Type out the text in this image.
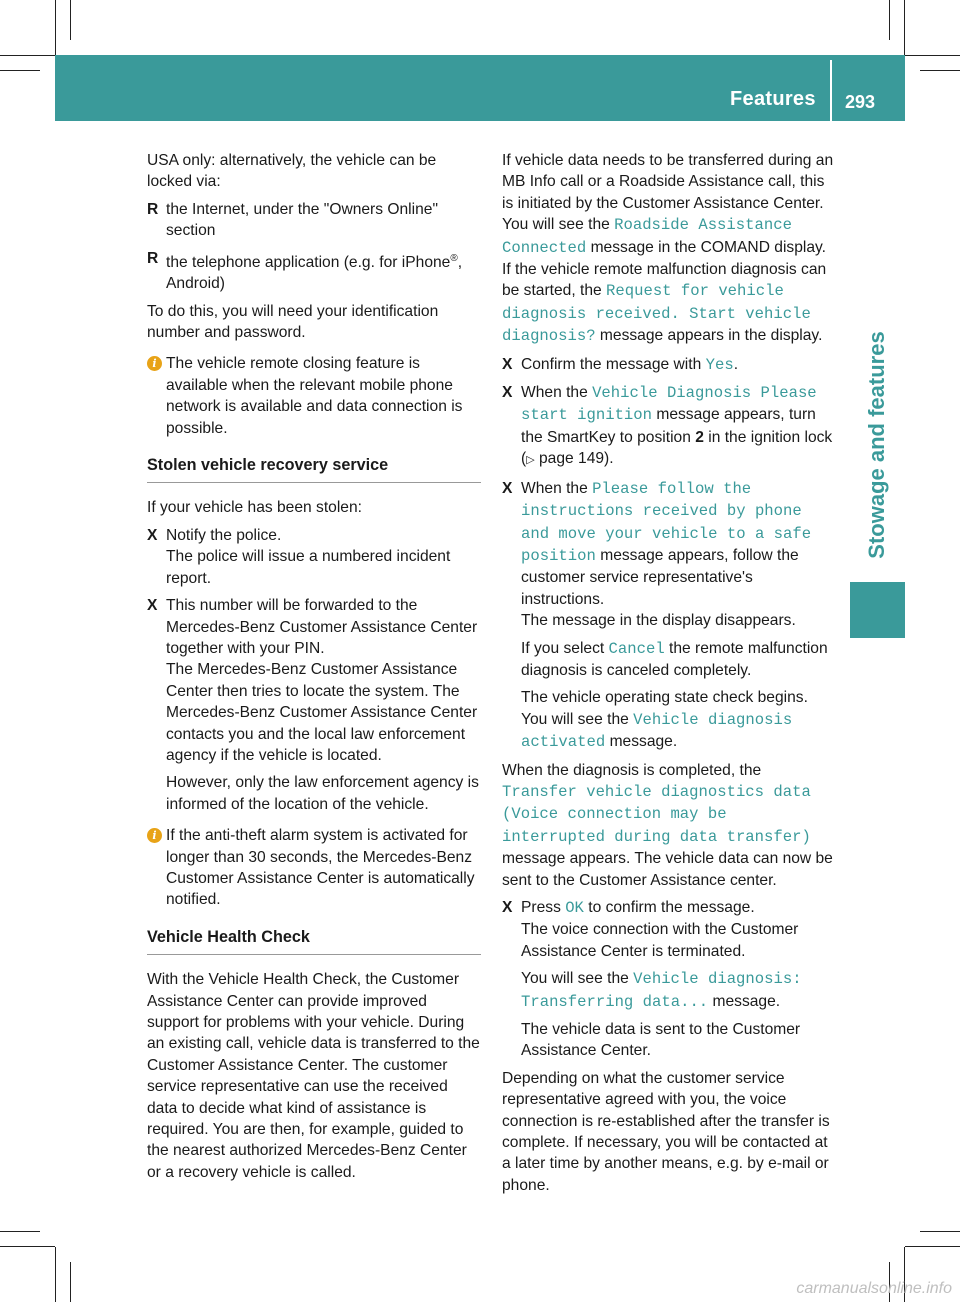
Features 293
Stowage and features

USA only: alternatively, the vehicle can be locked via:

R the Internet, under the "Owners Online" section
R the telephone application (e.g. for iPhone®, Android)

To do this, you will need your identification number and password.

i The vehicle remote closing feature is available when the relevant mobile phone network is available and data connection is possible.
Stolen vehicle recovery service

If your vehicle has been stolen:

X Notify the police.
The police will issue a numbered incident report.
X This number will be forwarded to the Mercedes-Benz Customer Assistance Center together with your PIN.
The Mercedes-Benz Customer Assistance Center then tries to locate the system. The Mercedes-Benz Customer Assistance Center contacts you and the local law enforcement agency if the vehicle is located.
However, only the law enforcement agency is informed of the location of the vehicle.
i If the anti-theft alarm system is activated for longer than 30 seconds, the Mercedes-Benz Customer Assistance Center is automatically notified.
Vehicle Health Check

With the Vehicle Health Check, the Customer Assistance Center can provide improved support for problems with your vehicle. During an existing call, vehicle data is transferred to the Customer Assistance Center. The customer service representative can use the received data to decide what kind of assistance is required. You are then, for example, guided to the nearest authorized Mercedes-Benz Center or a recovery vehicle is called.

If vehicle data needs to be transferred during an MB Info call or a Roadside Assistance call, this is initiated by the Customer Assistance Center. You will see the Roadside Assistance Connected message in the COMAND display. If the vehicle remote malfunction diagnosis can be started, the Request for vehicle diagnosis received. Start vehicle diagnosis? message appears in the display.

X Confirm the message with Yes.
X When the Vehicle Diagnosis Please start ignition message appears, turn the SmartKey to position 2 in the ignition lock (▷ page 149).
X When the Please follow the instructions received by phone and move your vehicle to a safe position message appears, follow the customer service representative's instructions.
The message in the display disappears.
If you select Cancel the remote malfunction diagnosis is canceled completely.
The vehicle operating state check begins.
You will see the Vehicle diagnosis activated message.

When the diagnosis is completed, the Transfer vehicle diagnostics data (Voice connection may be interrupted during data transfer) message appears. The vehicle data can now be sent to the Customer Assistance center.

X Press OK to confirm the message.
The voice connection with the Customer Assistance Center is terminated.
You will see the Vehicle diagnosis: Transferring data... message.
The vehicle data is sent to the Customer Assistance Center.

Depending on what the customer service representative agreed with you, the voice connection is re-established after the transfer is complete. If necessary, you will be contacted at a later time by another means, e.g. by e-mail or phone.

carmanualsonline.info
